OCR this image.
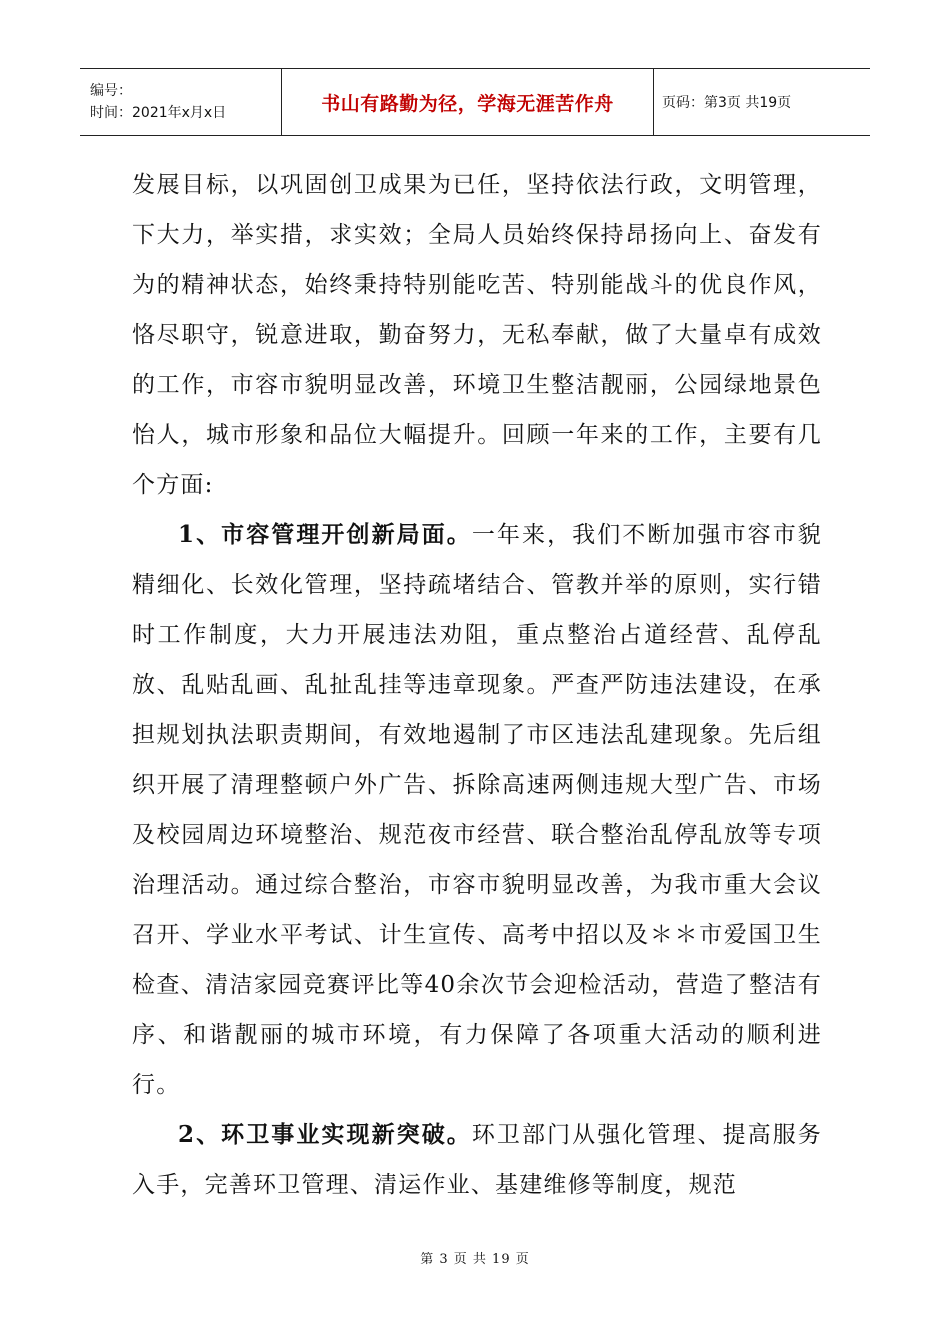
编号：
时间：2021年x月x日	书山有路勤为径，学海无涯苦作舟	页码：第3页 共19页

发展目标，以巩固创卫成果为已任，坚持依法行政，文明管理，下大力，举实措，求实效；全局人员始终保持昂扬向上、奋发有为的精神状态，始终秉持特别能吃苦、特别能战斗的优良作风，恪尽职守，锐意进取，勤奋努力，无私奉献，做了大量卓有成效的工作，市容市貌明显改善，环境卫生整洁靓丽，公园绿地景色怡人，城市形象和品位大幅提升。回顾一年来的工作，主要有几个方面:

1、市容管理开创新局面。一年来，我们不断加强市容市貌精细化、长效化管理，坚持疏堵结合、管教并举的原则，实行错时工作制度，大力开展违法劝阻，重点整治占道经营、乱停乱放、乱贴乱画、乱扯乱挂等违章现象。严查严防违法建设，在承担规划执法职责期间，有效地遏制了市区违法乱建现象。先后组织开展了清理整顿户外广告、拆除高速两侧违规大型广告、市场及校园周边环境整治、规范夜市经营、联合整治乱停乱放等专项治理活动。通过综合整治，市容市貌明显改善，为我市重大会议召开、学业水平考试、计生宣传、高考中招以及＊＊市爱国卫生检查、清洁家园竞赛评比等40余次节会迎检活动，营造了整洁有序、和谐靓丽的城市环境，有力保障了各项重大活动的顺利进行。

2、环卫事业实现新突破。环卫部门从强化管理、提高服务入手，完善环卫管理、清运作业、基建维修等制度，规范

第 3 页 共 19 页
